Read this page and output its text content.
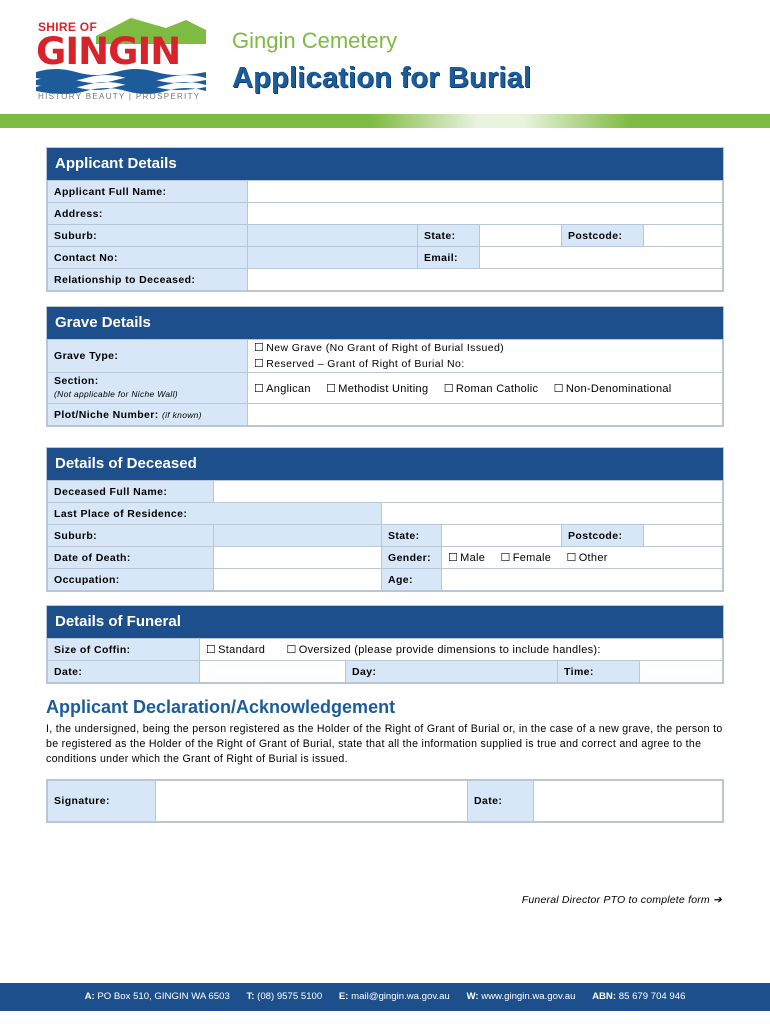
SHIRE OF
GINGIN
HISTORY BEAUTY | PROSPERITY
Gingin Cemetery
Application for Burial
Applicant Details
Applicant Full Name:					
Address:					
Suburb:		State:		Postcode:	
Contact No:		Email:			
Relationship to Deceased:					
Grave Details
Grave Type:	☐ New Grave (No Grant of Right of Burial Issued)
☐ Reserved – Grant of Right of Burial No:

Section:
(Not applicable for Niche Wall)	☐ Anglican ☐ Methodist Uniting ☐ Roman Catholic ☐ Non-Denominational
Plot/Niche Number: (if known)	
Details of Deceased
Deceased Full Name:					
Last Place of Residence:					
Suburb:		State:		Postcode:	
Date of Death:		Gender:	☐ Male ☐ Female ☐ Other		
Occupation:		Age:			
Details of Funeral
Size of Coffin:	☐ Standard ☐ Oversized (please provide dimensions to include handles):			
Date:		Day:	Time:	
Applicant Declaration/Acknowledgement
I, the undersigned, being the person registered as the Holder of the Right of Grant of Burial or, in the case of a new grave, the person to be registered as the Holder of the Right of Grant of Burial, state that all the information supplied is true and correct and agree to the conditions under which the Grant of Right of Burial is issued.
Signature:		Date:	
Funeral Director PTO to complete form ➔
A: PO Box 510, GINGIN WA 6503 T: (08) 9575 5100 E: mail@gingin.wa.gov.au W: www.gingin.wa.gov.au ABN: 85 679 704 946
